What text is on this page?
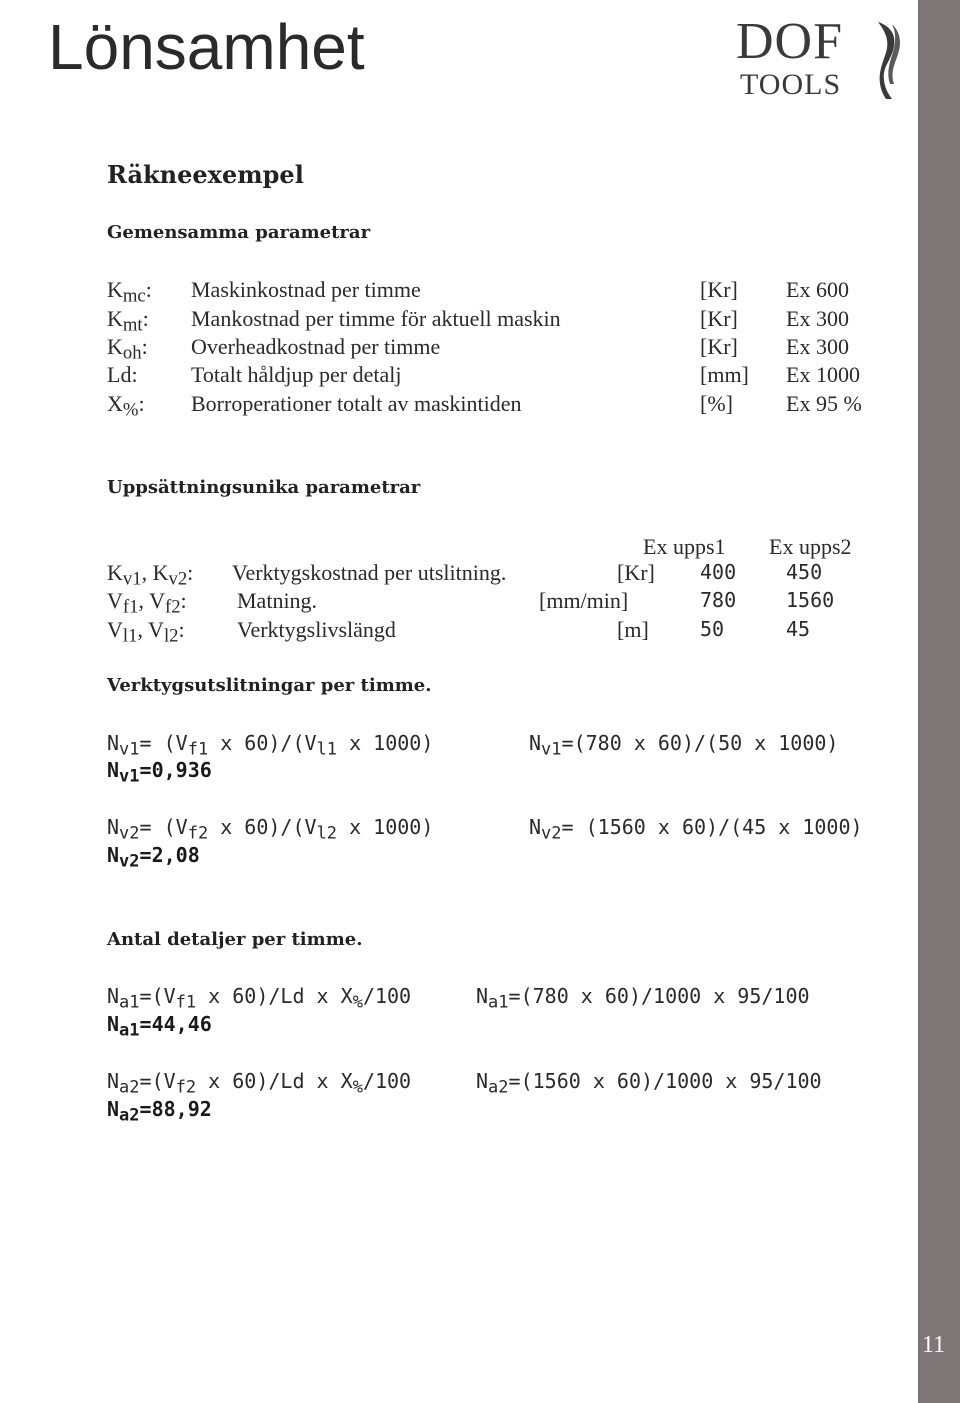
11
Lönsamhet	DOF
TOOLS
Räkneexempel
Gemensamma parametrar
$K_{mc}$: Maskinkostnad per timme	[Kr] Ex 600
$K_{mt}$: Mankostnad per timme för aktuell maskin	[Kr] Ex 300
$K_{oh}$: Overheadkostnad per timme	[Kr] Ex 300
Ld: Totalt håldjup per detalj	[mm] Ex 1000
$X_{\%}$: Borroperationer totalt av maskintiden	[%] Ex 95 %
Uppsättningsunika parametrar
Ex upps1 Ex upps2
$K_{v1}$, $K_{v2}$: Verktygskostnad per utslitning.	[Kr] 400 450
$V_{f1}$, $V_{f2}$: Matning.	[mm/min]	780 1560
$V_{l1}$, $V_{l2}$: Verktygslivslängd	[m]	50	45
Verktygsutslitningar per timme.
$N_{v1}= (V_{f1}$ x $60)/(V_{l1}$ x 1000)	$N_{v1}=(780$ x 60)/(50 x 1000)
$N_{v1}=0,936$
$N_{v2}= (V_{f2}$ x $60)/(V_{l2}$ x 1000)	$N_{v2}= (1560$ x 60)/(45 x 1000)
$N_{v2}=2,08$
Antal detaljer per timme.
$N_{a1}=(V_{f1}$ x 60)/Ld x $X_{\%}/100$	$N_{a1}=(780$ x 60)/1000 x 95/100
$N_{a1}=44,46$
$N_{a2}=(V_{f2}$ x 60)/Ld x $X_{\%}/100$	$N_{a2}=(1560$ x 60)/1000 x 95/100
$N_{a2}=88,92$
